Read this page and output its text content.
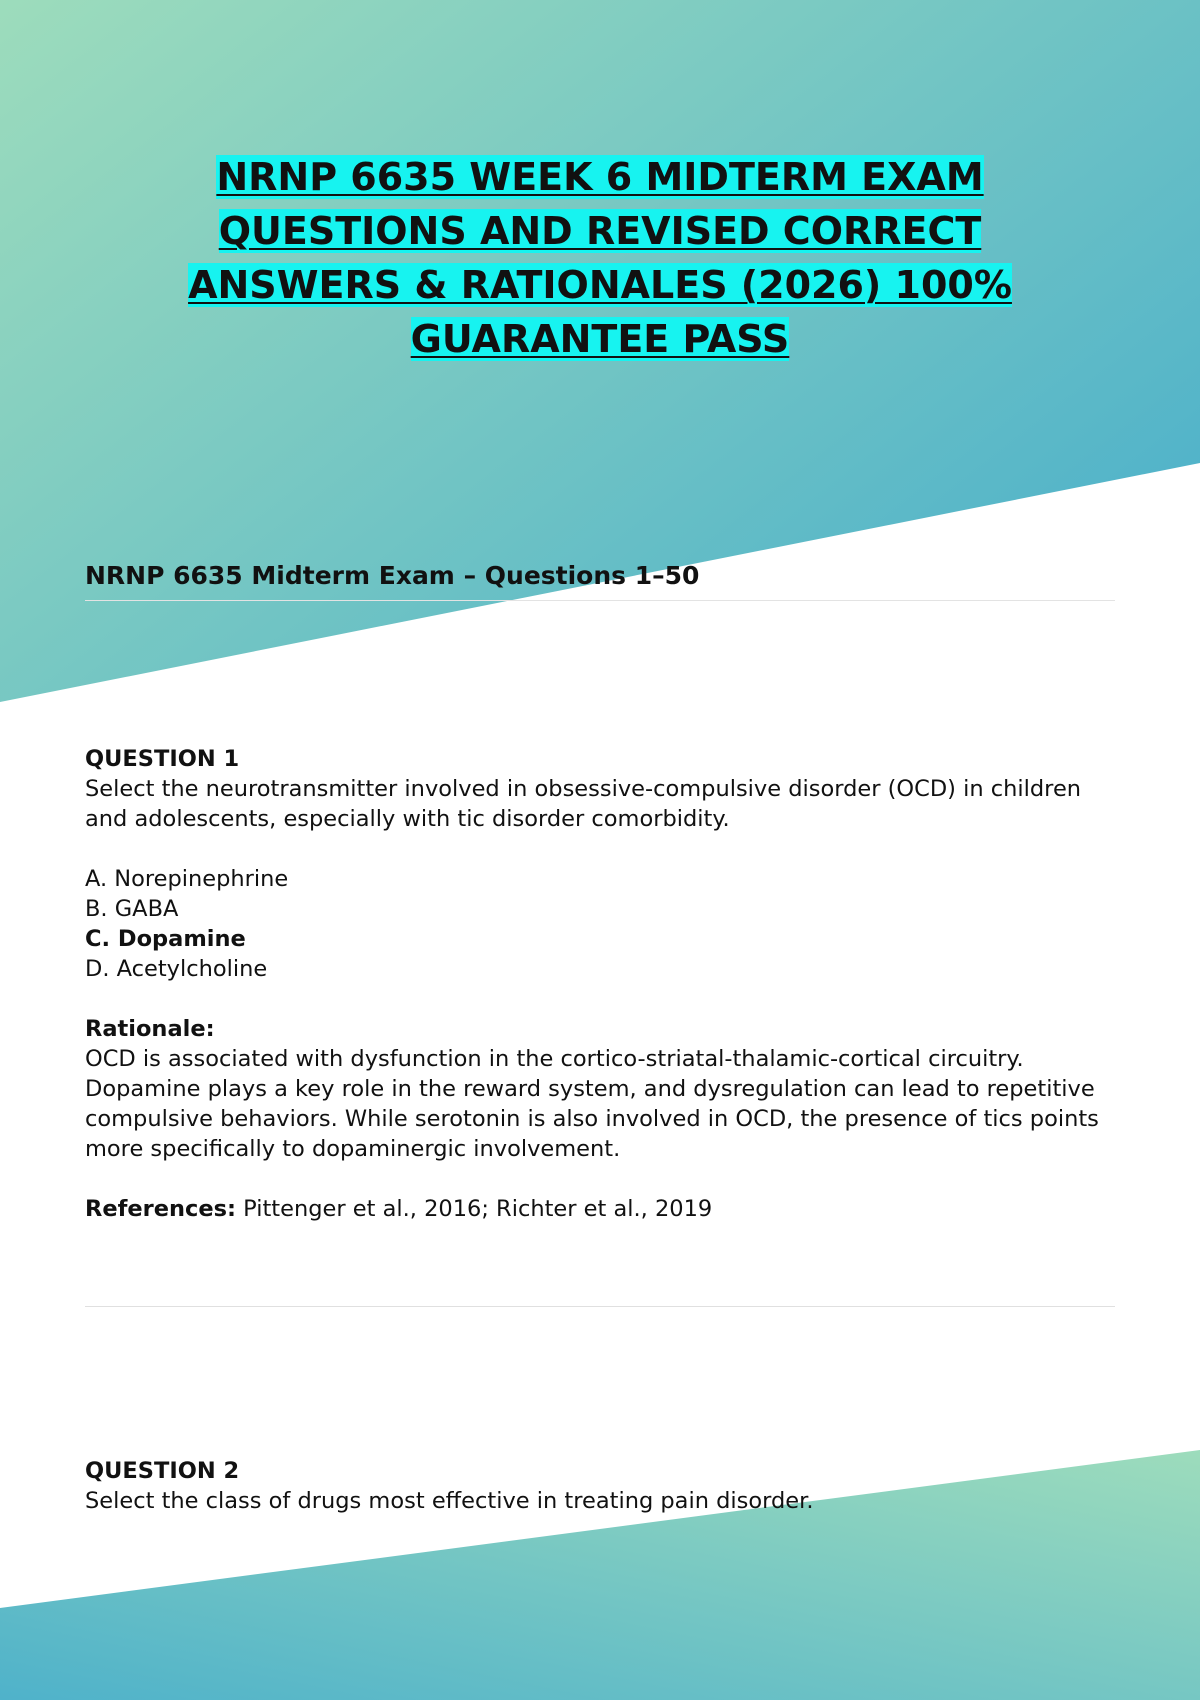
NRNP 6635 WEEK 6 MIDTERM EXAM
QUESTIONS AND REVISED CORRECT
ANSWERS & RATIONALES (2026) 100%
GUARANTEE PASS
NRNP 6635 Midterm Exam – Questions 1–50
QUESTION 1
Select the neurotransmitter involved in obsessive-compulsive disorder (OCD) in children and adolescents, especially with tic disorder comorbidity.
A. Norepinephrine
B. GABA
C. Dopamine
D. Acetylcholine
Rationale:
OCD is associated with dysfunction in the cortico-striatal-thalamic-cortical circuitry. Dopamine plays a key role in the reward system, and dysregulation can lead to repetitive compulsive behaviors. While serotonin is also involved in OCD, the presence of tics points more specifically to dopaminergic involvement.
References: Pittenger et al., 2016; Richter et al., 2019
QUESTION 2
Select the class of drugs most effective in treating pain disorder.
